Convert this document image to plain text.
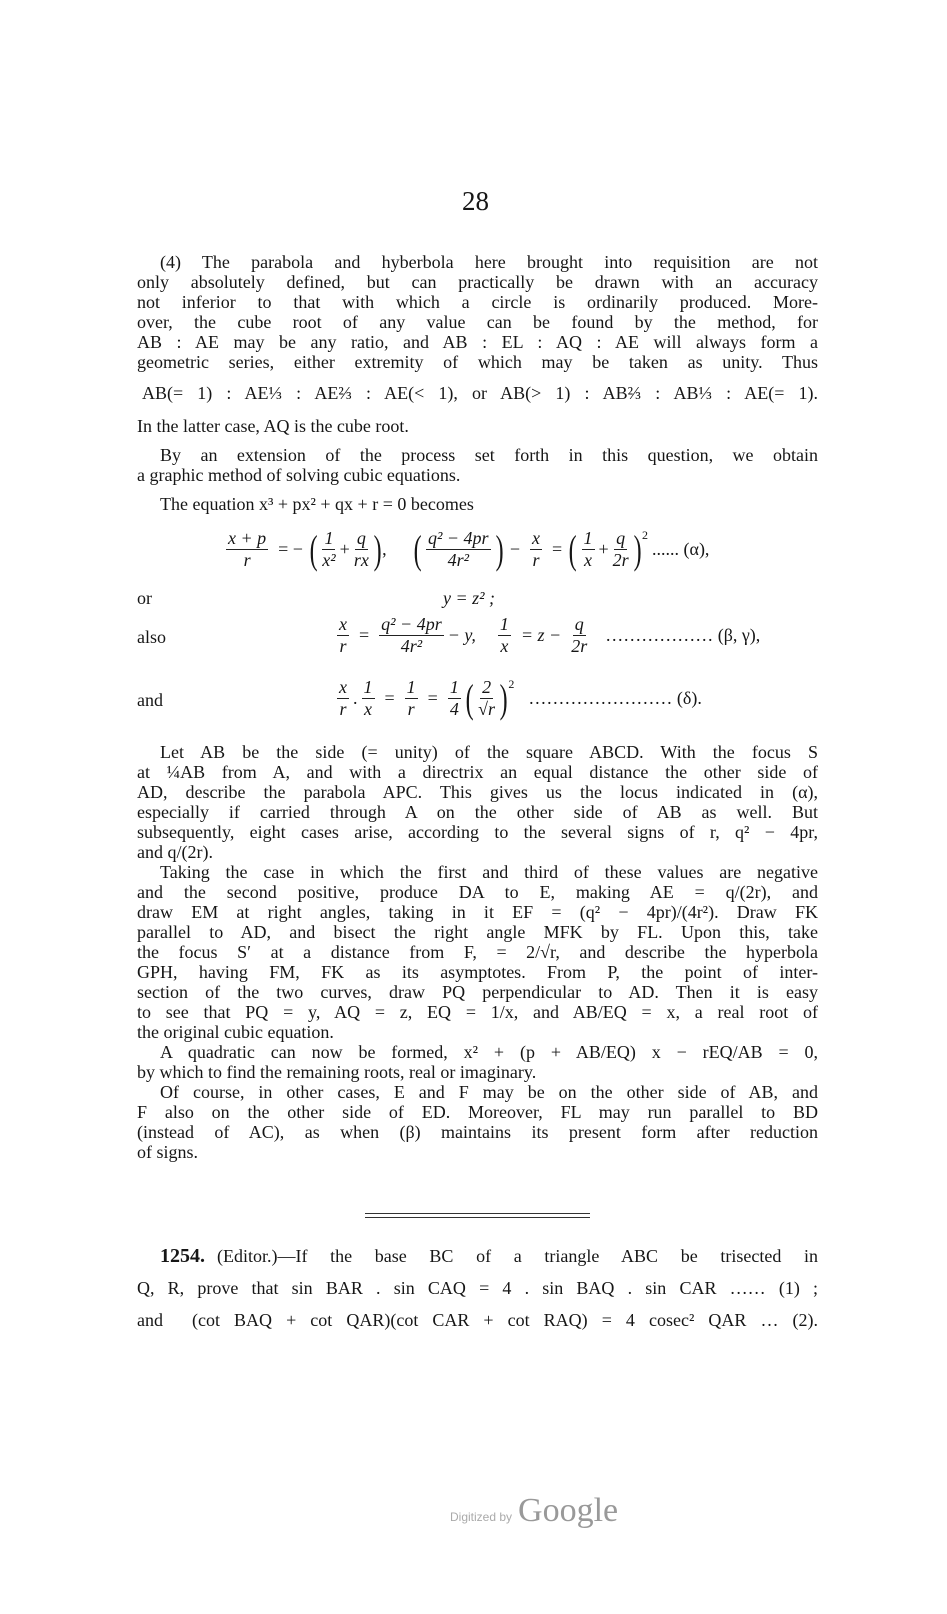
28
(4) The parabola and hyberbola here brought into requisition are not
only absolutely defined, but can practically be drawn with an accuracy
not inferior to that with which a circle is ordinarily produced. More-
over, the cube root of any value can be found by the method, for
AB : AE may be any ratio, and AB : EL : AQ : AE will always form a
geometric series, either extremity of which may be taken as unity. Thus
AB(= 1) : AE⅓ : AE⅔ : AE(< 1), or AB(> 1) : AB⅔ : AB⅓ : AE(= 1).
In the latter case, AQ is the cube root.
By an extension of the process set forth in this question, we obtain
a graphic method of solving cubic equations.
The equation x³ + px² + qx + r = 0 becomes
$\frac{x + p}{r}$ = − ( 1
x²
+ $\frac{q}{rx}$ ) , ( q² − 4pr
4r² ) − $\frac{x}{r}$ = ( 1
x
+ $\frac{q}{2r} )^2$
...... (α),
or	y = z² ;
also	$\frac{x}{r} = \frac{\text{q² − 4pr}}{\text{4r²}} - y$, $\frac{1}{x} = z - \frac{q}{2r}$ ……………… (β, γ),
and
x
r
. $\frac{1}{x} = \frac{1}{r} = \frac{1}{4}$ ( 2
√r )$^2$
…………………… (δ).
Let AB be the side (= unity) of the square ABCD. With the focus S
at ¼AB from A, and with a directrix an equal distance the other side of
AD, describe the parabola APC. This gives us the locus indicated in (α),
especially if carried through A on the other side of AB as well. But
subsequently, eight cases arise, according to the several signs of r, q² − 4pr,
and q/(2r).
Taking the case in which the first and third of these values are negative
and the second positive, produce DA to E, making AE = q/(2r), and
draw EM at right angles, taking in it EF = (q² − 4pr)/(4r²). Draw FK
parallel to AD, and bisect the right angle MFK by FL. Upon this, take
the focus S′ at a distance from F, = 2/√r, and describe the hyperbola
GPH, having FM, FK as its asymptotes. From P, the point of inter-
section of the two curves, draw PQ perpendicular to AD. Then it is easy
to see that PQ = y, AQ = z, EQ = 1/x, and AB/EQ = x, a real root of
the original cubic equation.
A quadratic can now be formed, x² + (p + AB/EQ) x − rEQ/AB = 0,
by which to find the remaining roots, real or imaginary.
Of course, in other cases, E and F may be on the other side of AB, and
F also on the other side of ED. Moreover, FL may run parallel to BD
(instead of AC), as when (β) maintains its present form after reduction
of signs.
1254. (Editor.)—If the base BC of a triangle ABC be trisected in
Q, R, prove that sin BAR . sin CAQ = 4 . sin BAQ . sin CAR …… (1) ;
and	(cot BAQ + cot QAR)(cot CAR + cot RAQ) = 4 cosec² QAR … (2).
Digitized by Google
